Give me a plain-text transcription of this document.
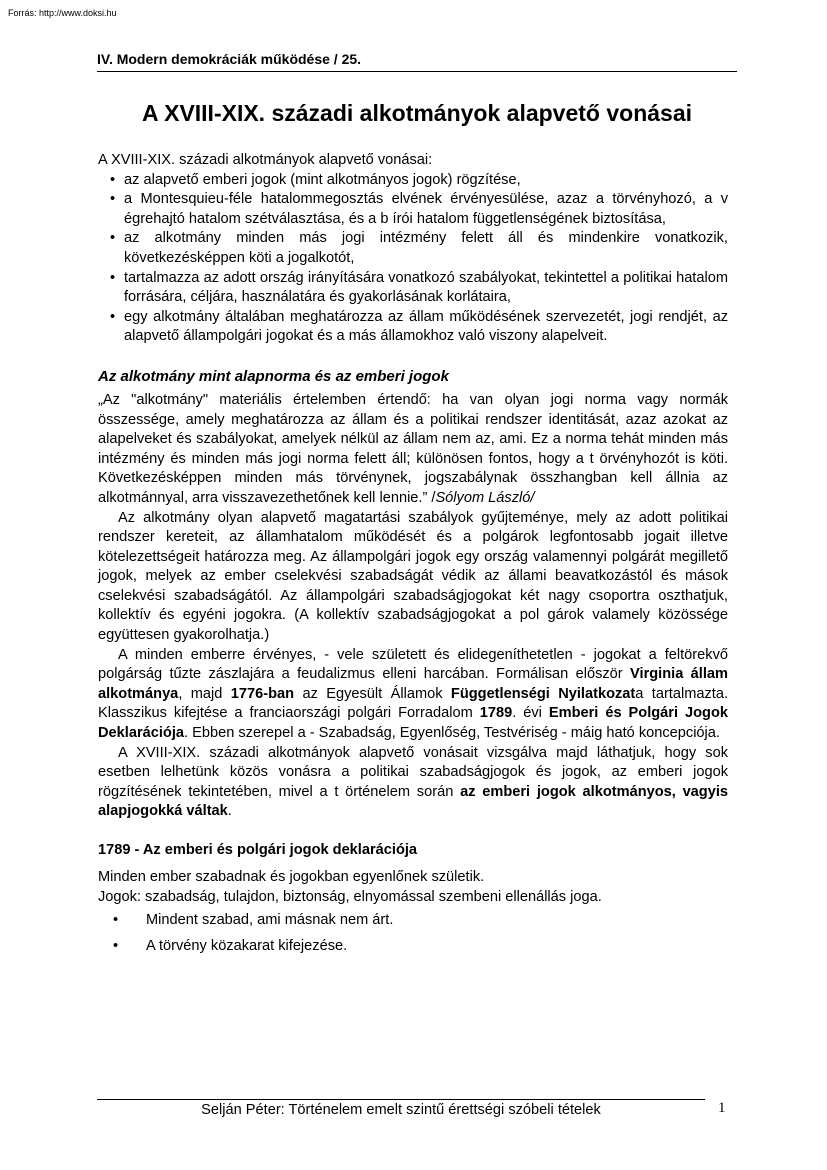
Forrás: http://www.doksi.hu
IV. Modern demokráciák működése / 25.
A XVIII-XIX. századi alkotmányok alapvető vonásai

A XVIII-XIX. századi alkotmányok alapvető vonásai:

• az alapvető emberi jogok (mint alkotmányos jogok) rögzítése,
• a Montesquieu-féle hatalommegosztás elvének érvényesülése, azaz a törvényhozó, a v égrehajtó hatalom szétválasztása, és a b írói hatalom függetlenségének biztosítása,
• az alkotmány minden más jogi intézmény felett áll és mindenkire vonatkozik, következésképpen köti a jogalkotót,
• tartalmazza az adott ország irányítására vonatkozó szabályokat, tekintettel a politikai hatalom forrására, céljára, használatára és gyakorlásának korlátaira,
• egy alkotmány általában meghatározza az állam működésének szervezetét, jogi rendjét, az alapvető állampolgári jogokat és a más államokhoz való viszony alapelveit.
Az alkotmány mint alapnorma és az emberi jogok

„Az "alkotmány" materiális értelemben értendő: ha van olyan jogi norma vagy normák összessége, amely meghatározza az állam és a politikai rendszer identitását, azaz azokat az alapelveket és szabályokat, amelyek nélkül az állam nem az, ami. Ez a norma tehát minden más intézmény és minden más jogi norma felett áll; különösen fontos, hogy a t örvényhozót is köti. Következésképpen minden más törvénynek, jogszabálynak összhangban kell állnia az alkotmánnyal, arra visszavezethetőnek kell lennie.” /Sólyom László/

Az alkotmány olyan alapvető magatartási szabályok gyűjteménye, mely az adott politikai rendszer kereteit, az államhatalom működését és a polgárok legfontosabb jogait illetve kötelezettségeit határozza meg. Az állampolgári jogok egy ország valamennyi polgárát megillető jogok, melyek az ember cselekvési szabadságát védik az állami beavatkozástól és mások cselekvési szabadságától. Az állampolgári szabadságjogokat két nagy csoportra oszthatjuk, kollektív és egyéni jogokra. (A kollektív szabadságjogokat a pol gárok valamely közössége együttesen gyakorolhatja.)

A minden emberre érvényes, - vele született és elidegeníthetetlen - jogokat a feltörekvő polgárság tűzte zászlajára a feudalizmus elleni harcában. Formálisan először Virginia állam alkotmánya, majd 1776-ban az Egyesült Államok Függetlenségi Nyilatkozata tartalmazta. Klasszikus kifejtése a franciaországi polgári Forradalom 1789. évi Emberi és Polgári Jogok Deklarációja. Ebben szerepel a - Szabadság, Egyenlőség, Testvériség - máig ható koncepciója.

A XVIII-XIX. századi alkotmányok alapvető vonásait vizsgálva majd láthatjuk, hogy sok esetben lelhetünk közös vonásra a politikai szabadságjogok és jogok, az emberi jogok rögzítésének tekintetében, mivel a t örténelem során az emberi jogok alkotmányos, vagyis alapjogokká váltak.

1789 - Az emberi és polgári jogok deklarációja

Minden ember szabadnak és jogokban egyenlőnek születik.

Jogok: szabadság, tulajdon, biztonság, elnyomással szembeni ellenállás joga.

• Mindent szabad, ami másnak nem árt.
• A törvény közakarat kifejezése.
Selján Péter: Történelem emelt szintű érettségi szóbeli tételek	1
